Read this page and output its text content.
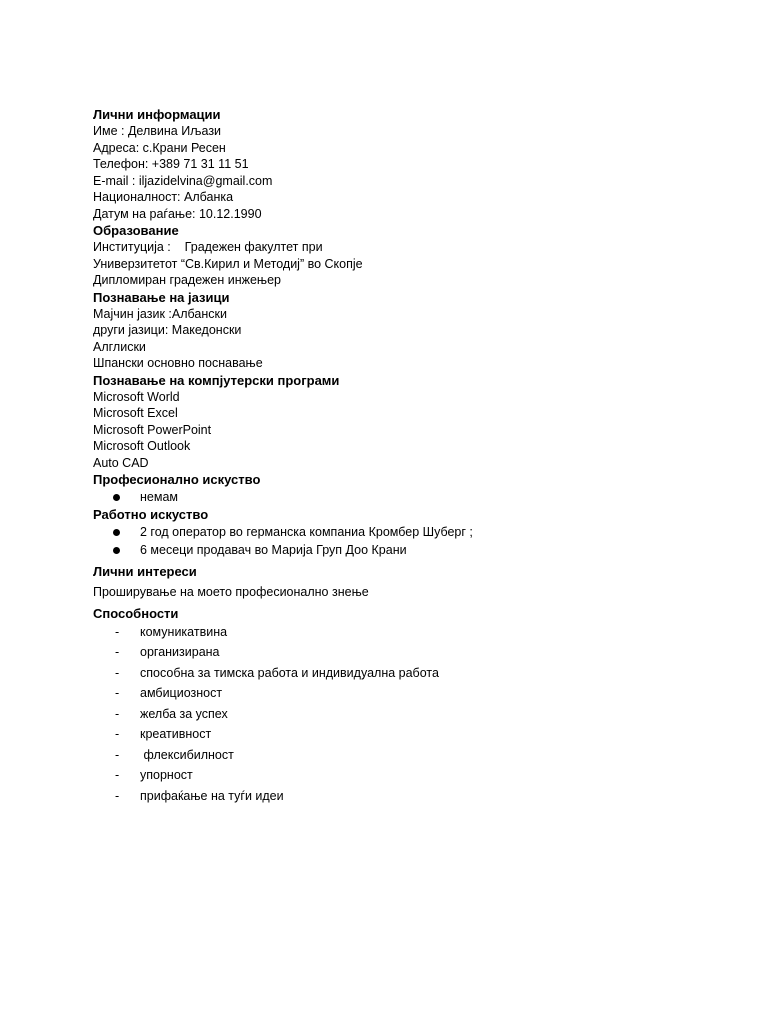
Лични информации
Име : Делвина Иљази
Адреса: с.Крани Ресен
Телефон: +389 71 31 11 51
E-mail : iljazidelvina@gmail.com
Националност: Албанка
Датум на раѓање: 10.12.1990
Образование
Институција :    Градежен факултет при
Универзитетот “Св.Кирил и Методиј” во Скопје
Дипломиран градежен инжењер
Познавање на јазици
Мајчин јазик :Албански
други јазици: Македонски
Алглиски
Шпански основно поснавање
Познавање на компјутерски програми
Microsoft World
Microsoft Excel
Microsoft PowerPoint
Microsoft Outlook
Auto CAD
Професионално искуство
немам
Работно искуство
2 год оператор во германска компаниа Кромбер Шуберг ;
6 месеци продавач во Марија Груп Доо Крани
Лични интереси
Проширување на моето професионално знење
Способности
-	комуникатвина
-	организирана
-	способна за тимска работа и индивидуална работа
-	амбициозност
-	желба за успех
-	креативност
-	флексибилност
-	упорност
-	прифаќање на туѓи идеи
